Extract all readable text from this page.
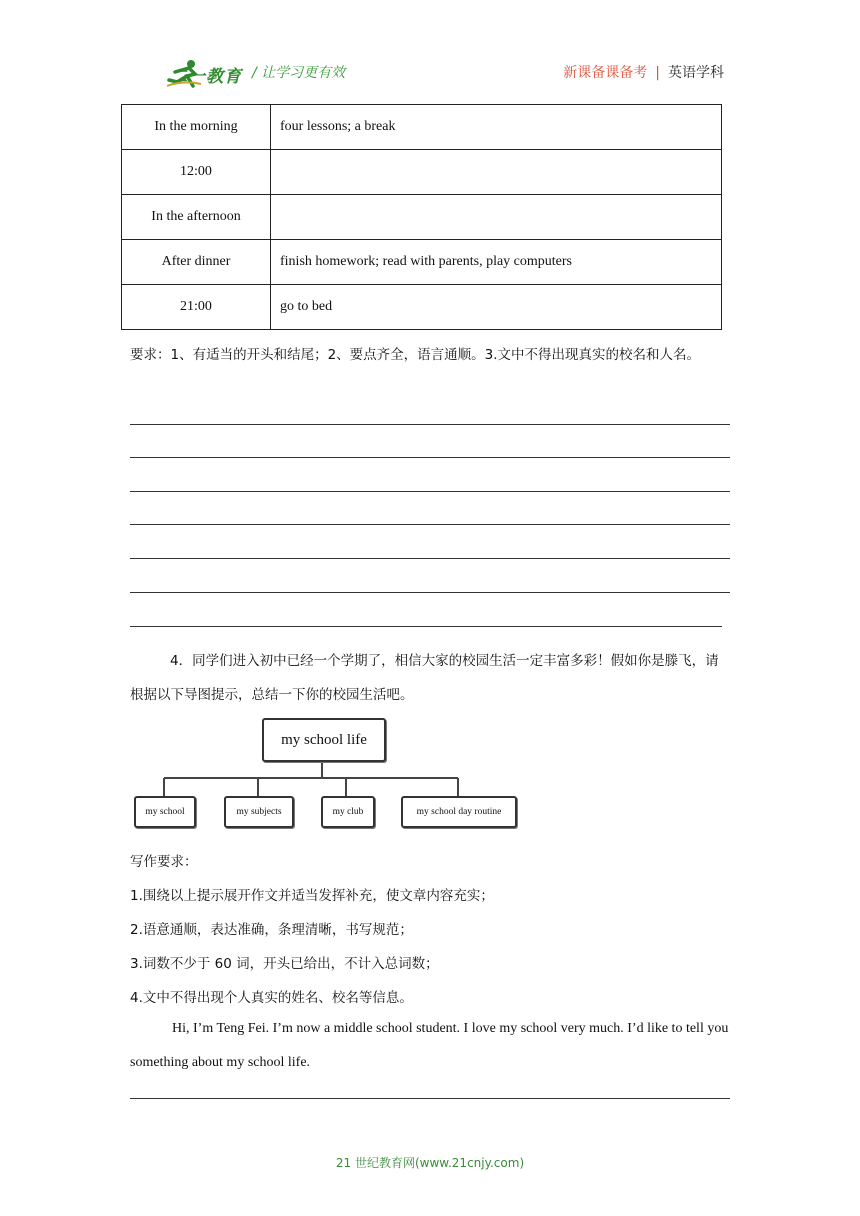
二一教育 / 让学习更有效	新课备课备考 | 英语学科
In the morning	four lessons; a break
12:00	
In the afternoon	
After dinner	finish homework; read with parents, play computers
21:00	go to bed
要求：1、有适当的开头和结尾；2、要点齐全，语言通顺。3.文中不得出现真实的校名和人名。
4．同学们进入初中已经一个学期了，相信大家的校园生活一定丰富多彩！假如你是滕飞，请根据以下导图提示，总结一下你的校园生活吧。
my school life
my school	my subjects	my club	my school day routine
写作要求：
1.围绕以上提示展开作文并适当发挥补充，使文章内容充实；
2.语意通顺，表达准确，条理清晰，书写规范；
3.词数不少于 60 词，开头已给出，不计入总词数；
4.文中不得出现个人真实的姓名、校名等信息。
Hi, I’m Teng Fei. I’m now a middle school student. I love my school very much. I’d like to tell you something about my school life.
21 世纪教育网(www.21cnjy.com)
